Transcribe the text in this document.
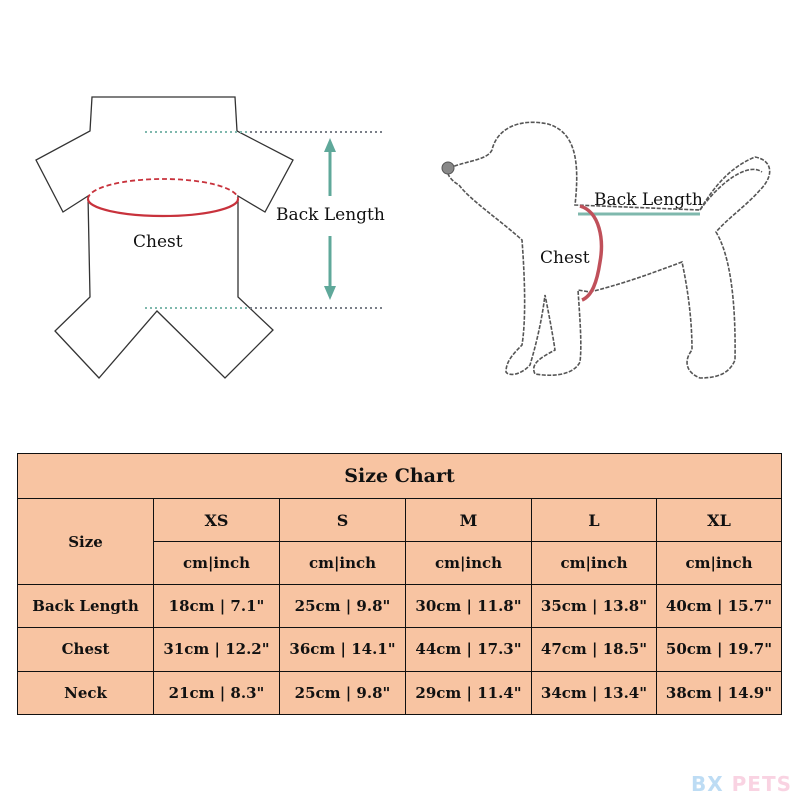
Chest
Back Length
Back Length
Chest
Size Chart					
Size	XS	S	M	L	XL
	cm|inch	cm|inch	cm|inch	cm|inch	cm|inch
Back Length	18cm | 7.1"	25cm | 9.8"	30cm | 11.8"	35cm | 13.8"	40cm | 15.7"
Chest	31cm | 12.2"	36cm | 14.1"	44cm | 17.3"	47cm | 18.5"	50cm | 19.7"
Neck	21cm | 8.3"	25cm | 9.8"	29cm | 11.4"	34cm | 13.4"	38cm | 14.9"
BX PETS
